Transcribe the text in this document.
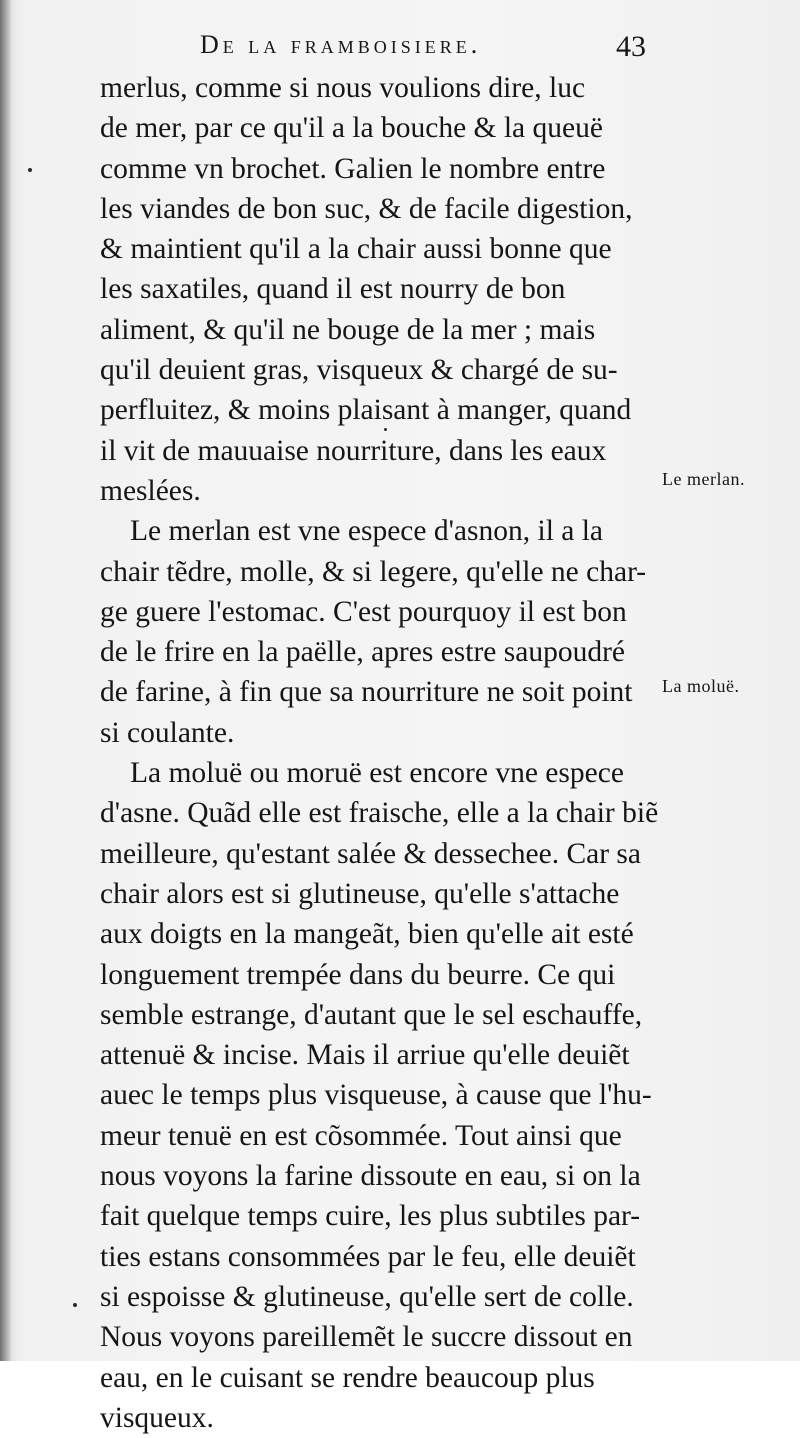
De la framboisiere.	43
merlus, comme si nous voulions dire, luc
de mer, par ce qu'il a la bouche & la queuë
comme vn brochet. Galien le nombre entre
les viandes de bon suc, & de facile digestion,
& maintient qu'il a la chair aussi bonne que
les saxatiles, quand il est nourry de bon
aliment, & qu'il ne bouge de la mer ; mais
qu'il deuient gras, visqueux & chargé de su-
perfluitez, & moins plaisant à manger, quand
il vit de mauuaise nourriture, dans les eaux
meslées.
Le merlan est vne espece d'asnon, il a la
chair tẽdre, molle, & si legere, qu'elle ne char-
ge guere l'estomac. C'est pourquoy il est bon
de le frire en la paëlle, apres estre saupoudré
de farine, à fin que sa nourriture ne soit point
si coulante.
La moluë ou moruë est encore vne espece
d'asne. Quãd elle est fraische, elle a la chair biẽ
meilleure, qu'estant salée & dessechee. Car sa
chair alors est si glutineuse, qu'elle s'attache
aux doigts en la mangeãt, bien qu'elle ait esté
longuement trempée dans du beurre. Ce qui
semble estrange, d'autant que le sel eschauffe,
attenuë & incise. Mais il arriue qu'elle deuiẽt
auec le temps plus visqueuse, à cause que l'hu-
meur tenuë en est cõsommée. Tout ainsi que
nous voyons la farine dissoute en eau, si on la
fait quelque temps cuire, les plus subtiles par-
ties estans consommées par le feu, elle deuiẽt
si espoisse & glutineuse, qu'elle sert de colle.
Nous voyons pareillemẽt le succre dissout en
eau, en le cuisant se rendre beaucoup plus
visqueux.
Le merlan.
La moluë.
